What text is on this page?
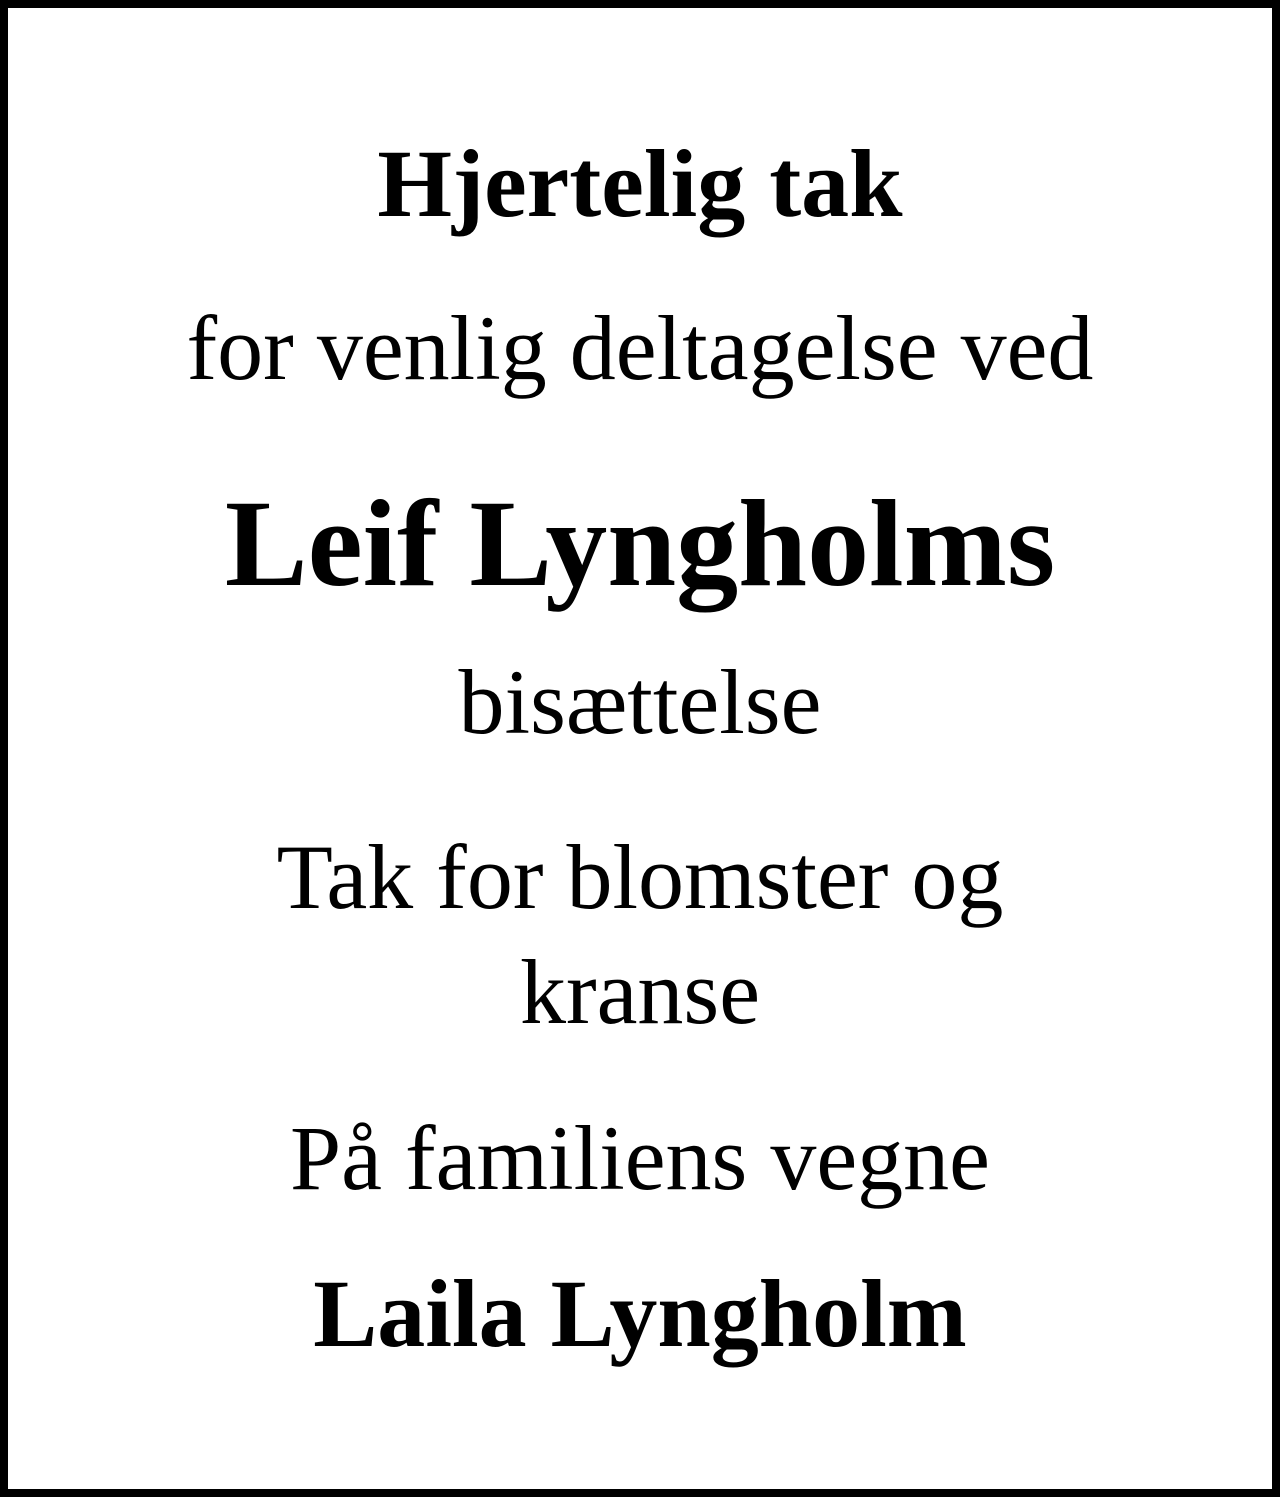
Hjertelig tak

for venlig deltagelse ved

Leif Lyngholms

bisættelse

Tak for blomster og
kranse

På familiens vegne

Laila Lyngholm
